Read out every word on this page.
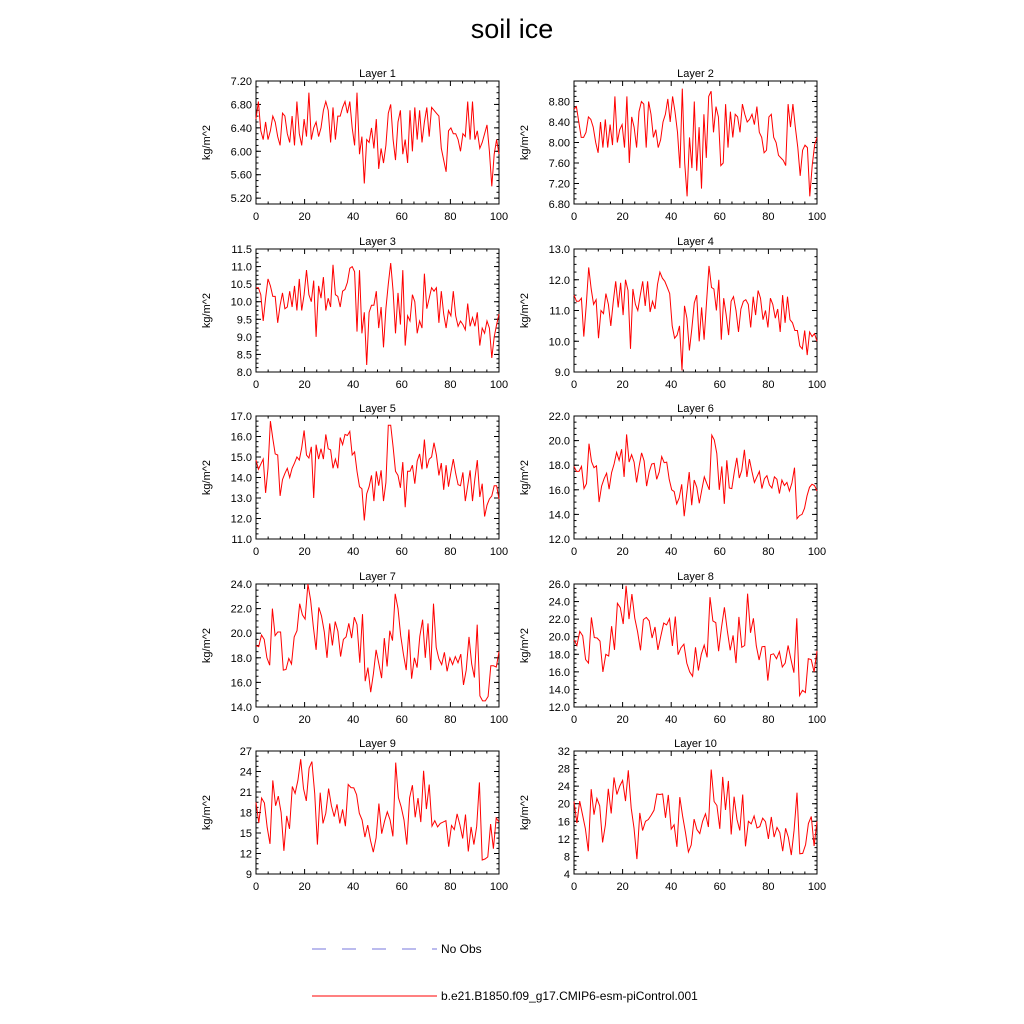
soil ice
Layer 1
kg/m^2
0	20	40	60	80	100
5.20
5.60
6.00
6.40
6.80
7.20
Layer 2
kg/m^2
0	20	40	60	80	100
6.80
7.20
7.60
8.00
8.40
8.80
Layer 3
kg/m^2
0	20	40	60	80	100
8.0
8.5
9.0
9.5
10.0
10.5
11.0
11.5
Layer 4
kg/m^2
0	20	40	60	80	100
9.0
10.0
11.0
12.0
13.0
Layer 5
kg/m^2
0	20	40	60	80	100
11.0
12.0
13.0
14.0
15.0
16.0
17.0
Layer 6
kg/m^2
0	20	40	60	80	100
12.0
14.0
16.0
18.0
20.0
22.0
Layer 7
kg/m^2
0	20	40	60	80	100
14.0
16.0
18.0
20.0
22.0
24.0
Layer 8
kg/m^2
0	20	40	60	80	100
12.0
14.0
16.0
18.0
20.0
22.0
24.0
26.0
Layer 9
kg/m^2
0	20	40	60	80	100
9
12
15
18
21
24
27
Layer 10
kg/m^2
0	20	40	60	80	100
4
8
12
16
20
24
28
32
No Obs
b.e21.B1850.f09_g17.CMIP6-esm-piControl.001
